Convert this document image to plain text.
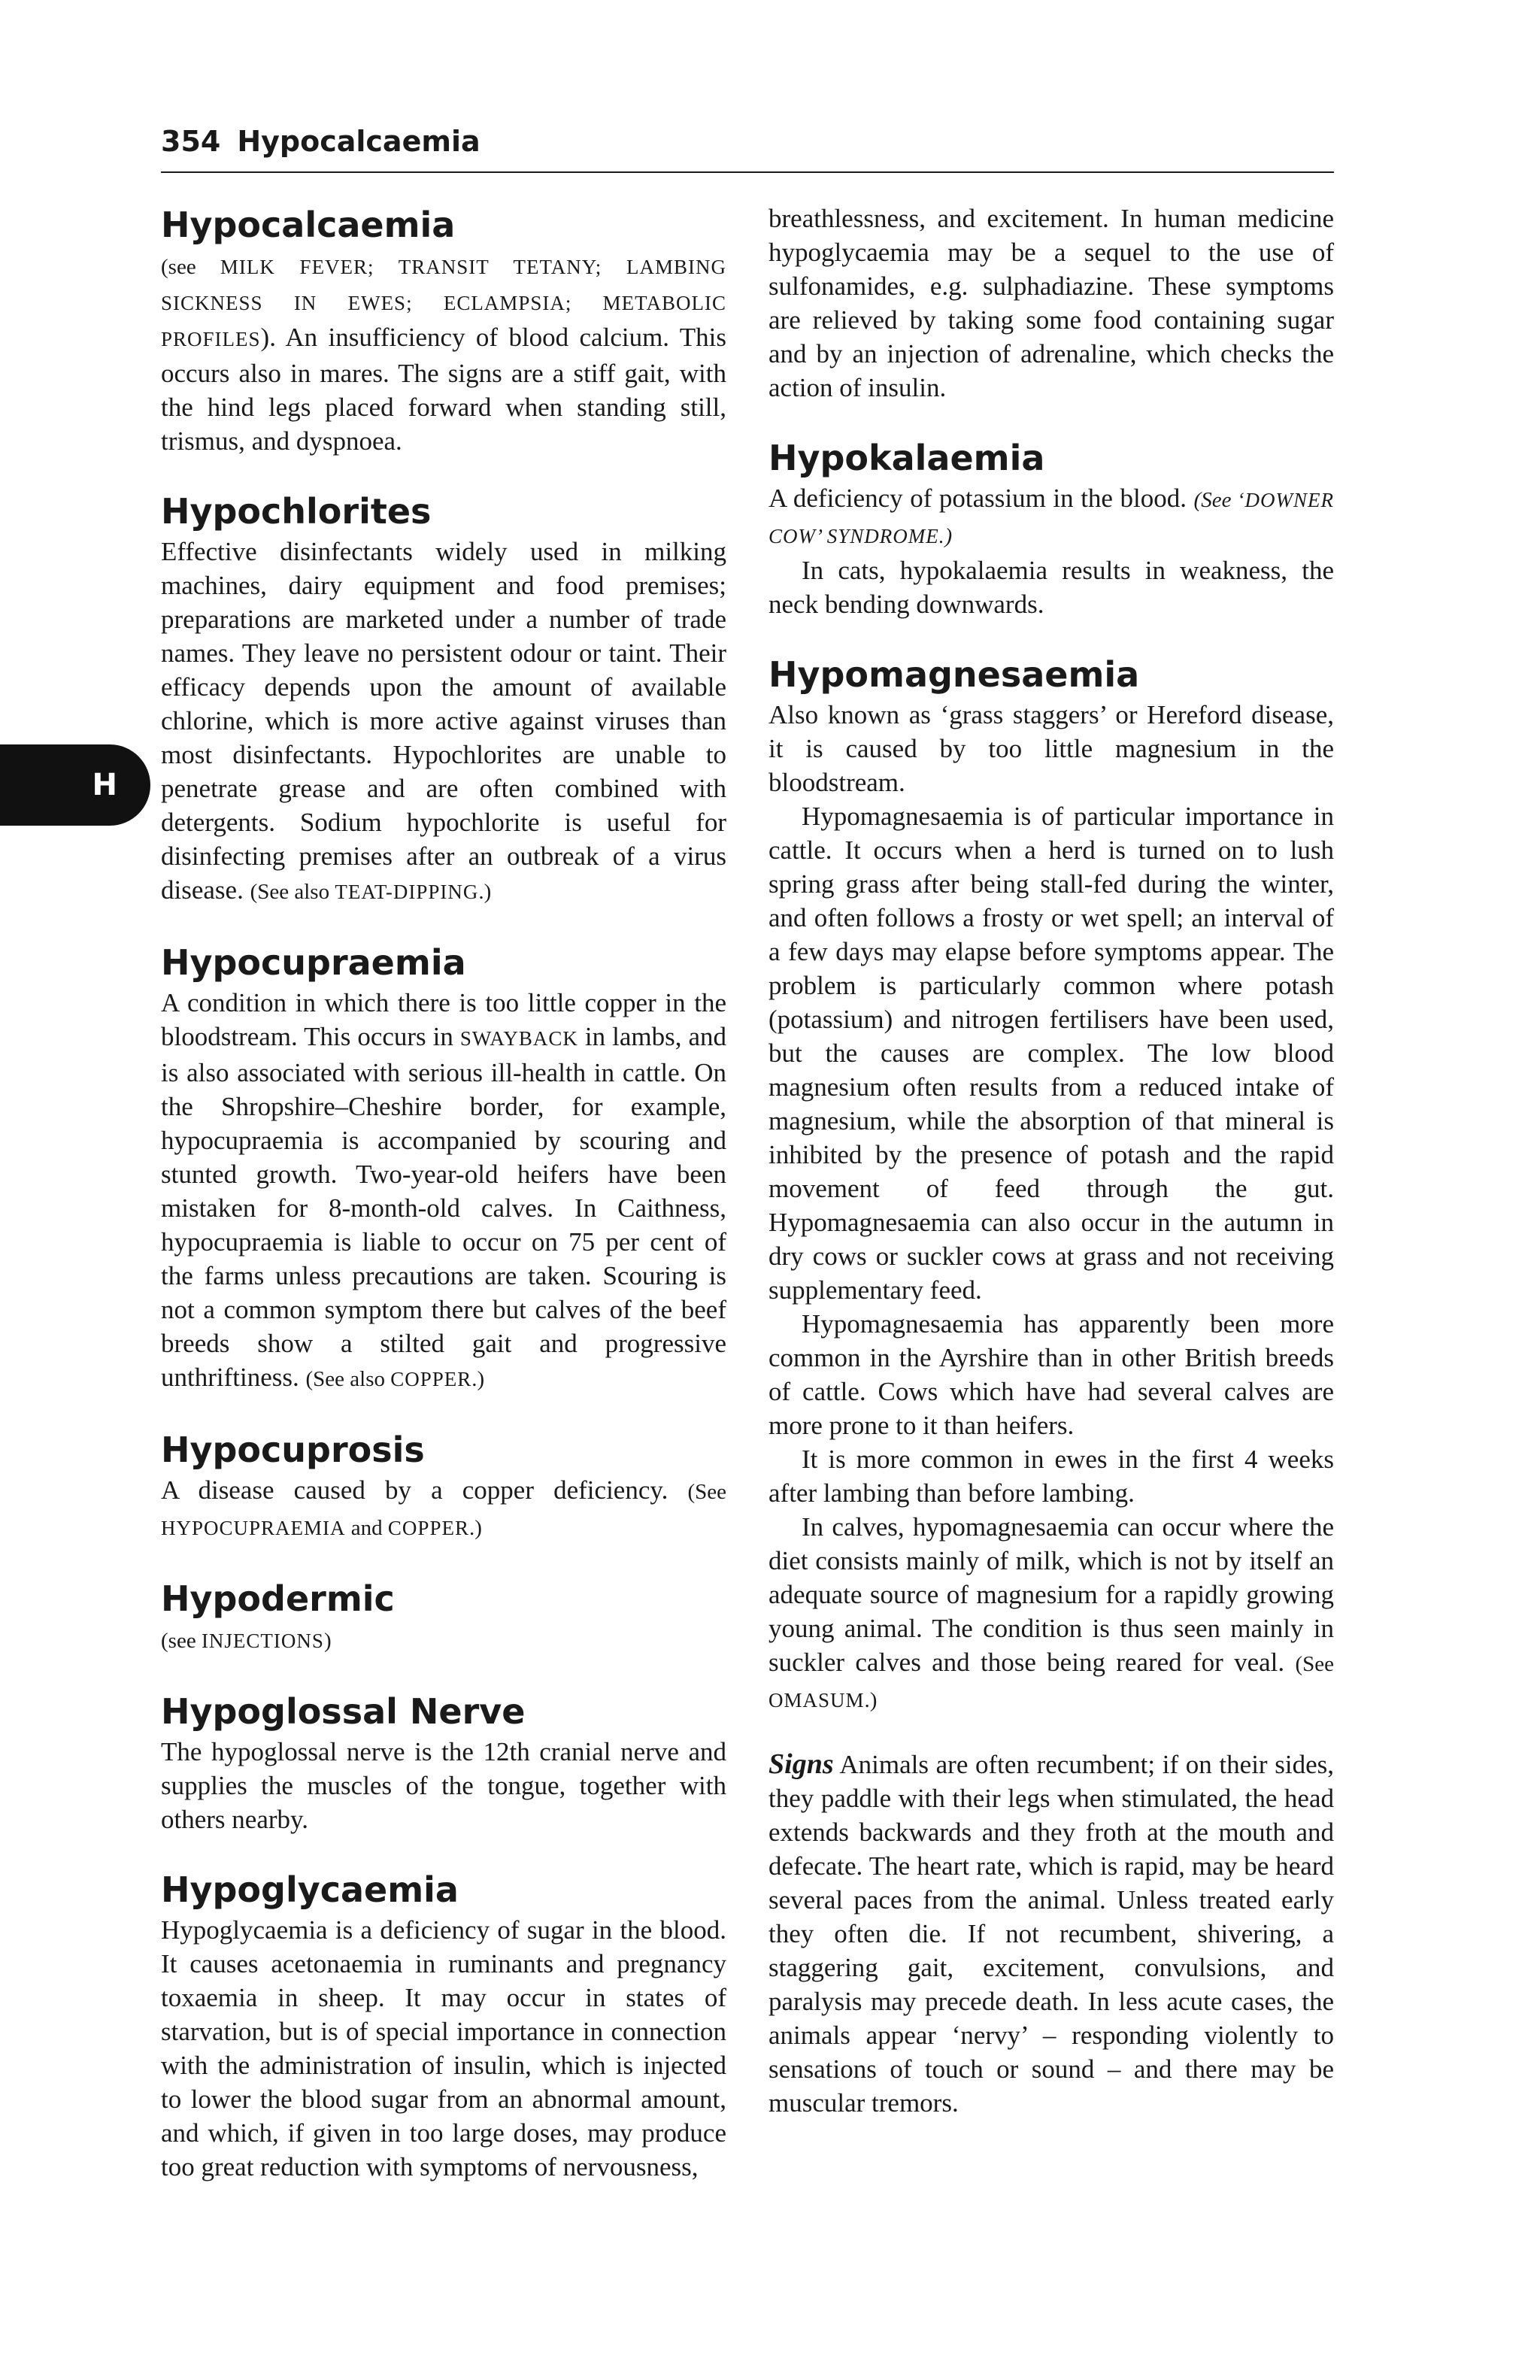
354 Hypocalcaemia
H
Hypocalcaemia

(see MILK FEVER; TRANSIT TETANY; LAMBING SICKNESS IN EWES; ECLAMPSIA; METABOLIC PROFILES). An insufficiency of blood calcium. This occurs also in mares. The signs are a stiff gait, with the hind legs placed forward when standing still, trismus, and dyspnoea.

Hypochlorites

Effective disinfectants widely used in milking machines, dairy equipment and food premises; preparations are marketed under a number of trade names. They leave no persistent odour or taint. Their efficacy depends upon the amount of available chlorine, which is more active against viruses than most disinfectants. Hypochlorites are unable to penetrate grease and are often combined with detergents. Sodium hypochlorite is useful for disinfecting premises after an outbreak of a virus disease. (See also TEAT-DIPPING.)

Hypocupraemia

A condition in which there is too little copper in the bloodstream. This occurs in SWAYBACK in lambs, and is also associated with serious ill-health in cattle. On the Shropshire–Cheshire border, for example, hypocupraemia is accompanied by scouring and stunted growth. Two-year-old heifers have been mistaken for 8-month-old calves. In Caithness, hypocupraemia is liable to occur on 75 per cent of the farms unless precautions are taken. Scouring is not a common symptom there but calves of the beef breeds show a stilted gait and progressive unthriftiness. (See also COPPER.)

Hypocuprosis

A disease caused by a copper deficiency. (See HYPOCUPRAEMIA and COPPER.)

Hypodermic

(see INJECTIONS)

Hypoglossal Nerve

The hypoglossal nerve is the 12th cranial nerve and supplies the muscles of the tongue, together with others nearby.

Hypoglycaemia

Hypoglycaemia is a deficiency of sugar in the blood. It causes acetonaemia in ruminants and pregnancy toxaemia in sheep. It may occur in states of starvation, but is of special importance in connection with the administration of insulin, which is injected to lower the blood sugar from an abnormal amount, and which, if given in too large doses, may produce too great reduction with symptoms of nervousness,

breathlessness, and excitement. In human medicine hypoglycaemia may be a sequel to the use of sulfonamides, e.g. sulphadiazine. These symptoms are relieved by taking some food containing sugar and by an injection of adrenaline, which checks the action of insulin.

Hypokalaemia

A deficiency of potassium in the blood. (See ‘DOWNER COW’ SYNDROME.)

In cats, hypokalaemia results in weakness, the neck bending downwards.

Hypomagnesaemia

Also known as ‘grass staggers’ or Hereford disease, it is caused by too little magnesium in the bloodstream.

Hypomagnesaemia is of particular importance in cattle. It occurs when a herd is turned on to lush spring grass after being stall-fed during the winter, and often follows a frosty or wet spell; an interval of a few days may elapse before symptoms appear. The problem is particularly common where potash (potassium) and nitrogen fertilisers have been used, but the causes are complex. The low blood magnesium often results from a reduced intake of magnesium, while the absorption of that mineral is inhibited by the presence of potash and the rapid movement of feed through the gut. Hypomagnesaemia can also occur in the autumn in dry cows or suckler cows at grass and not receiving supplementary feed.

Hypomagnesaemia has apparently been more common in the Ayrshire than in other British breeds of cattle. Cows which have had several calves are more prone to it than heifers.

It is more common in ewes in the first 4 weeks after lambing than before lambing.

In calves, hypomagnesaemia can occur where the diet consists mainly of milk, which is not by itself an adequate source of magnesium for a rapidly growing young animal. The condition is thus seen mainly in suckler calves and those being reared for veal. (See OMASUM.)

Signs Animals are often recumbent; if on their sides, they paddle with their legs when stimulated, the head extends backwards and they froth at the mouth and defecate. The heart rate, which is rapid, may be heard several paces from the animal. Unless treated early they often die. If not recumbent, shivering, a staggering gait, excitement, convulsions, and paralysis may precede death. In less acute cases, the animals appear ‘nervy’ – responding violently to sensations of touch or sound – and there may be muscular tremors.
